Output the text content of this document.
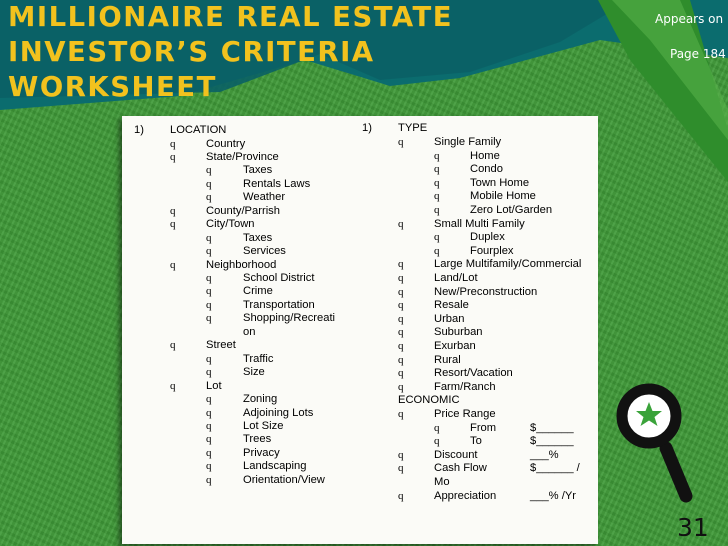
MILLIONAIRE REAL ESTATE
INVESTOR’S CRITERIA
WORKSHEET
Appears on
Page 184
1) LOCATION	1) TYPE
q	Country
q	State/Province
q	Taxes
q	Rentals Laws
q	Weather
q	County/Parrish
q	City/Town
q	Taxes
q	Services
q	Neighborhood
q	School District
q	Crime
q	Transportation
q	Shopping/Recreati
on
q	Street
q	Traffic
q	Size
q	Lot
q	Zoning
q	Adjoining Lots
q	Lot Size
q	Trees
q	Privacy
q	Landscaping
q	Orientation/View
q	Single Family
q	Home
q	Condo
q	Town Home
q	Mobile Home
q	Zero Lot/Garden
q	Small Multi Family
q	Duplex
q	Fourplex
q	Large Multifamily/Commercial
q	Land/Lot
q	New/Preconstruction
q	Resale
q	Urban
q	Suburban
q	Exurban
q	Rural
q	Resort/Vacation
q	Farm/Ranch
ECONOMIC
q	Price Range
q	From	$______
q	To	$______
q	Discount	___%
q	Cash Flow	$______ /
Mo
q	Appreciation	___% /Yr
31
